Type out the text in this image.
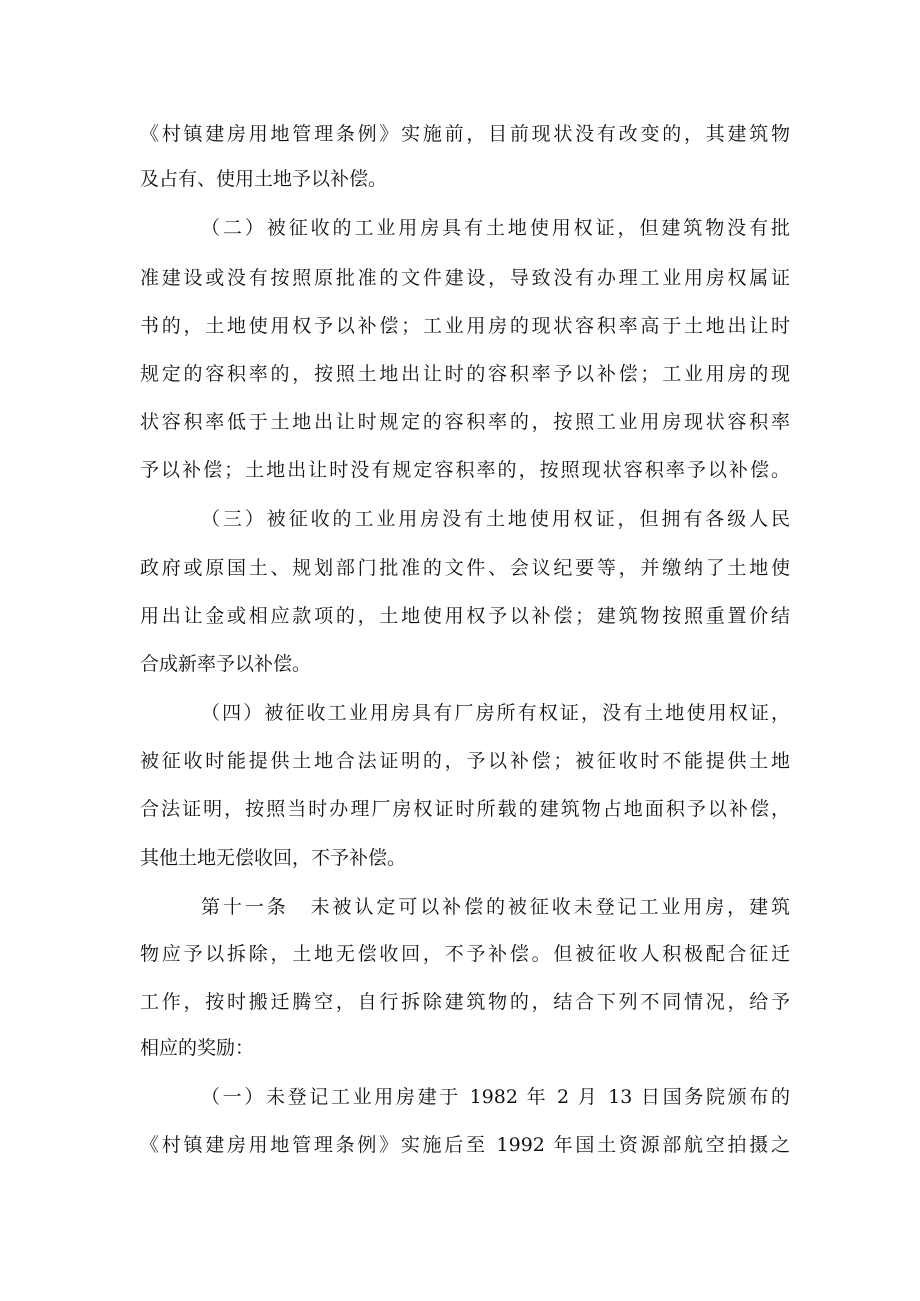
《村镇建房用地管理条例》实施前，目前现状没有改变的，其建筑物
及占有、使用土地予以补偿。
（二）被征收的工业用房具有土地使用权证，但建筑物没有批
准建设或没有按照原批准的文件建设，导致没有办理工业用房权属证
书的，土地使用权予以补偿；工业用房的现状容积率高于土地出让时
规定的容积率的，按照土地出让时的容积率予以补偿；工业用房的现
状容积率低于土地出让时规定的容积率的，按照工业用房现状容积率
予以补偿；土地出让时没有规定容积率的，按照现状容积率予以补偿。
（三）被征收的工业用房没有土地使用权证，但拥有各级人民
政府或原国土、规划部门批准的文件、会议纪要等，并缴纳了土地使
用出让金或相应款项的，土地使用权予以补偿；建筑物按照重置价结
合成新率予以补偿。
（四）被征收工业用房具有厂房所有权证，没有土地使用权证，
被征收时能提供土地合法证明的，予以补偿；被征收时不能提供土地
合法证明，按照当时办理厂房权证时所载的建筑物占地面积予以补偿，
其他土地无偿收回，不予补偿。
第十一条　未被认定可以补偿的被征收未登记工业用房，建筑
物应予以拆除，土地无偿收回，不予补偿。但被征收人积极配合征迁
工作，按时搬迁腾空，自行拆除建筑物的，结合下列不同情况，给予
相应的奖励：
（一）未登记工业用房建于 1982 年 2 月 13 日国务院颁布的
《村镇建房用地管理条例》实施后至 1992 年国土资源部航空拍摄之
